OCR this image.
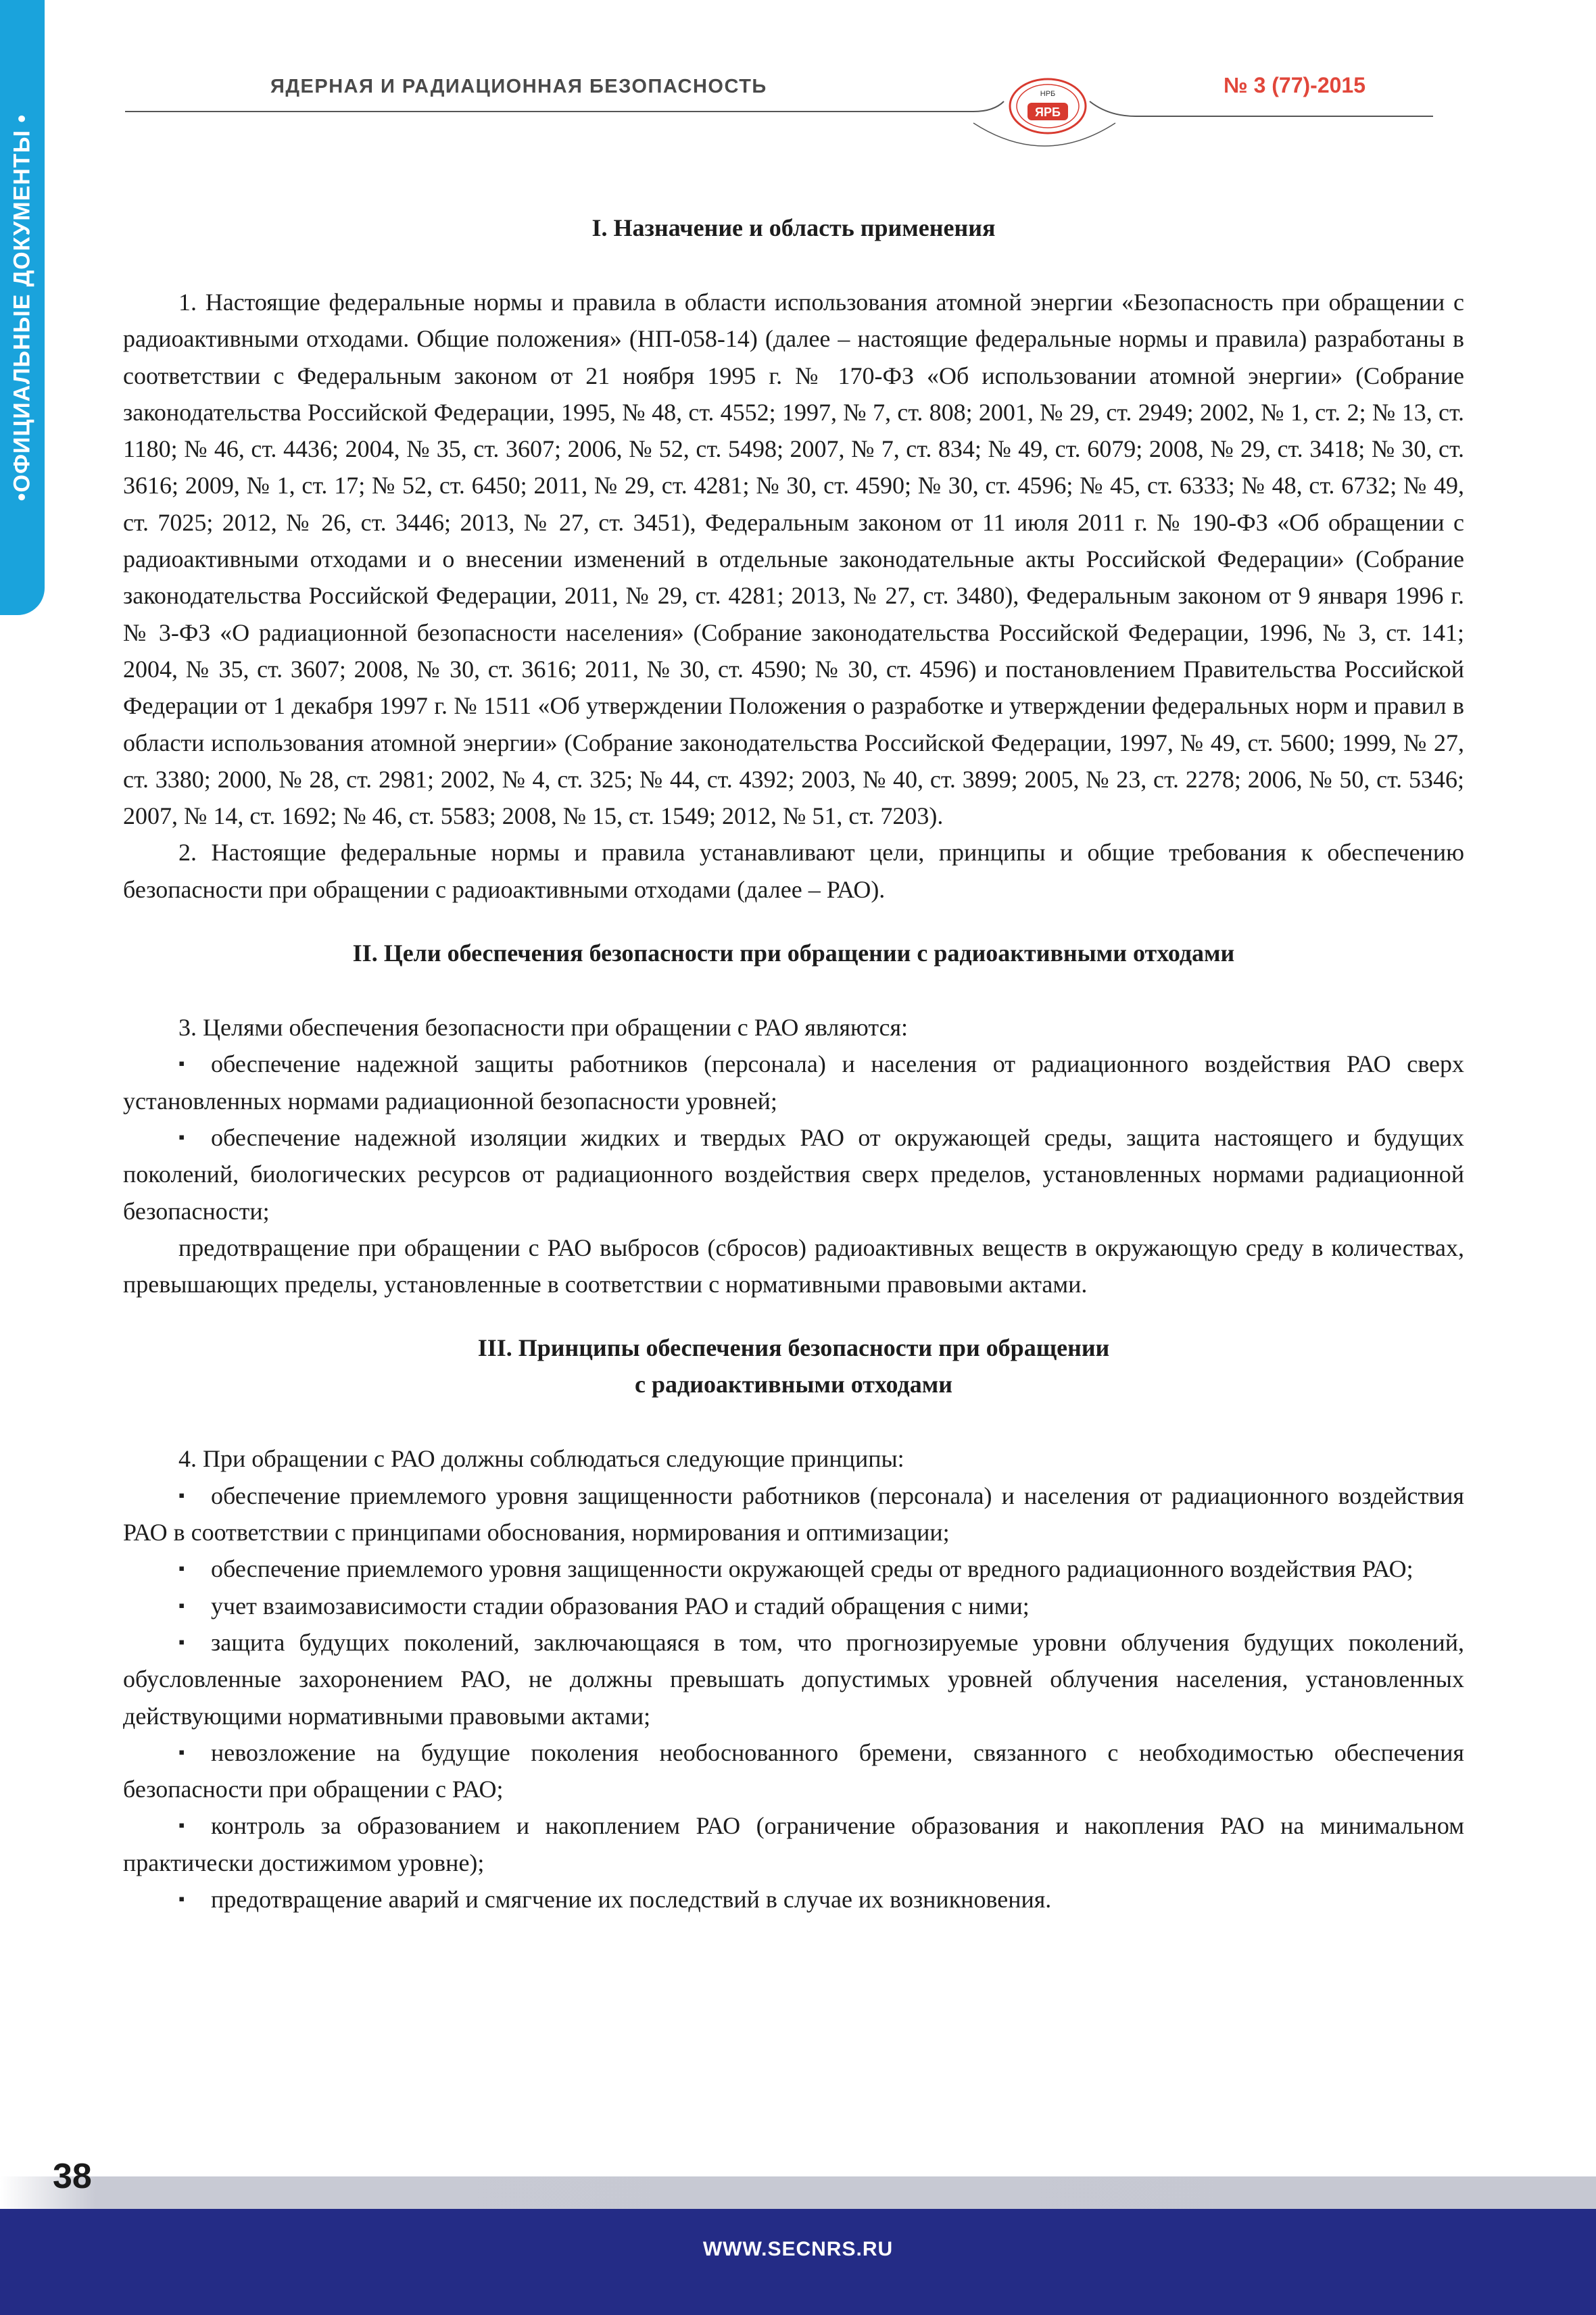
•ОФИЦИАЛЬНЫЕ ДОКУМЕНТЫ •
ЯДЕРНАЯ И РАДИАЦИОННАЯ БЕЗОПАСНОСТЬ
ЯРБ
НРБ	№ 3 (77)-2015
I. Назначение и область применения

1. Настоящие федеральные нормы и правила в области использования атомной энергии «Безопасность при обращении с радиоактивными отходами. Общие положения» (НП-058-14) (далее – настоящие федеральные нормы и правила) разработаны в соответствии с Федеральным законом от 21 ноября 1995 г. № 170-ФЗ «Об использовании атомной энергии» (Собрание законодательства Российской Федерации, 1995, № 48, ст. 4552; 1997, № 7, ст. 808; 2001, № 29, ст. 2949; 2002, № 1, ст. 2; № 13, ст. 1180; № 46, ст. 4436; 2004, № 35, ст. 3607; 2006, № 52, ст. 5498; 2007, № 7, ст. 834; № 49, ст. 6079; 2008, № 29, ст. 3418; № 30, ст. 3616; 2009, № 1, ст. 17; № 52, ст. 6450; 2011, № 29, ст. 4281; № 30, ст. 4590; № 30, ст. 4596; № 45, ст. 6333; № 48, ст. 6732; № 49, ст. 7025; 2012, № 26, ст. 3446; 2013, № 27, ст. 3451), Федеральным законом от 11 июля 2011 г. № 190-ФЗ «Об обращении с радиоактивными отходами и о внесении изменений в отдельные законодательные акты Российской Федерации» (Собрание законодательства Российской Федерации, 2011, № 29, ст. 4281; 2013, № 27, ст. 3480), Федеральным законом от 9 января 1996 г. № 3-ФЗ «О радиационной безопасности населения» (Собрание законодательства Российской Федерации, 1996, № 3, ст. 141; 2004, № 35, ст. 3607; 2008, № 30, ст. 3616; 2011, № 30, ст. 4590; № 30, ст. 4596) и постановлением Правительства Российской Федерации от 1 декабря 1997 г. № 1511 «Об утверждении Положения о разработке и утверждении федеральных норм и правил в области использования атомной энергии» (Собрание законодательства Российской Федерации, 1997, № 49, ст. 5600; 1999, № 27, ст. 3380; 2000, № 28, ст. 2981; 2002, № 4, ст. 325; № 44, ст. 4392; 2003, № 40, ст. 3899; 2005, № 23, ст. 2278; 2006, № 50, ст. 5346; 2007, № 14, ст. 1692; № 46, ст. 5583; 2008, № 15, ст. 1549; 2012, № 51, ст. 7203).

2. Настоящие федеральные нормы и правила устанавливают цели, принципы и общие требования к обеспечению безопасности при обращении с радиоактивными отходами (далее – РАО).

II. Цели обеспечения безопасности при обращении с радиоактивными отходами

3. Целями обеспечения безопасности при обращении с РАО являются:

▪ обеспечение надежной защиты работников (персонала) и населения от радиационного воздействия РАО сверх установленных нормами радиационной безопасности уровней;

▪ обеспечение надежной изоляции жидких и твердых РАО от окружающей среды, защита настоящего и будущих поколений, биологических ресурсов от радиационного воздействия сверх пределов, установленных нормами радиационной безопасности;

предотвращение при обращении с РАО выбросов (сбросов) радиоактивных веществ в окружающую среду в количествах, превышающих пределы, установленные в соответствии с нормативными правовыми актами.

III. Принципы обеспечения безопасности при обращении
с радиоактивными отходами

4. При обращении с РАО должны соблюдаться следующие принципы:

▪ обеспечение приемлемого уровня защищенности работников (персонала) и населения от радиационного воздействия РАО в соответствии с принципами обоснования, нормирования и оптимизации;

▪ обеспечение приемлемого уровня защищенности окружающей среды от вредного радиационного воздействия РАО;

▪ учет взаимозависимости стадии образования РАО и стадий обращения с ними;

▪ защита будущих поколений, заключающаяся в том, что прогнозируемые уровни облучения будущих поколений, обусловленные захоронением РАО, не должны превышать допустимых уровней облучения населения, установленных действующими нормативными правовыми актами;

▪ невозложение на будущие поколения необоснованного бремени, связанного с необходимостью обеспечения безопасности при обращении с РАО;

▪ контроль за образованием и накоплением РАО (ограничение образования и накопления РАО на минимальном практически достижимом уровне);

▪ предотвращение аварий и смягчение их последствий в случае их возникновения.

38
WWW.SECNRS.RU
